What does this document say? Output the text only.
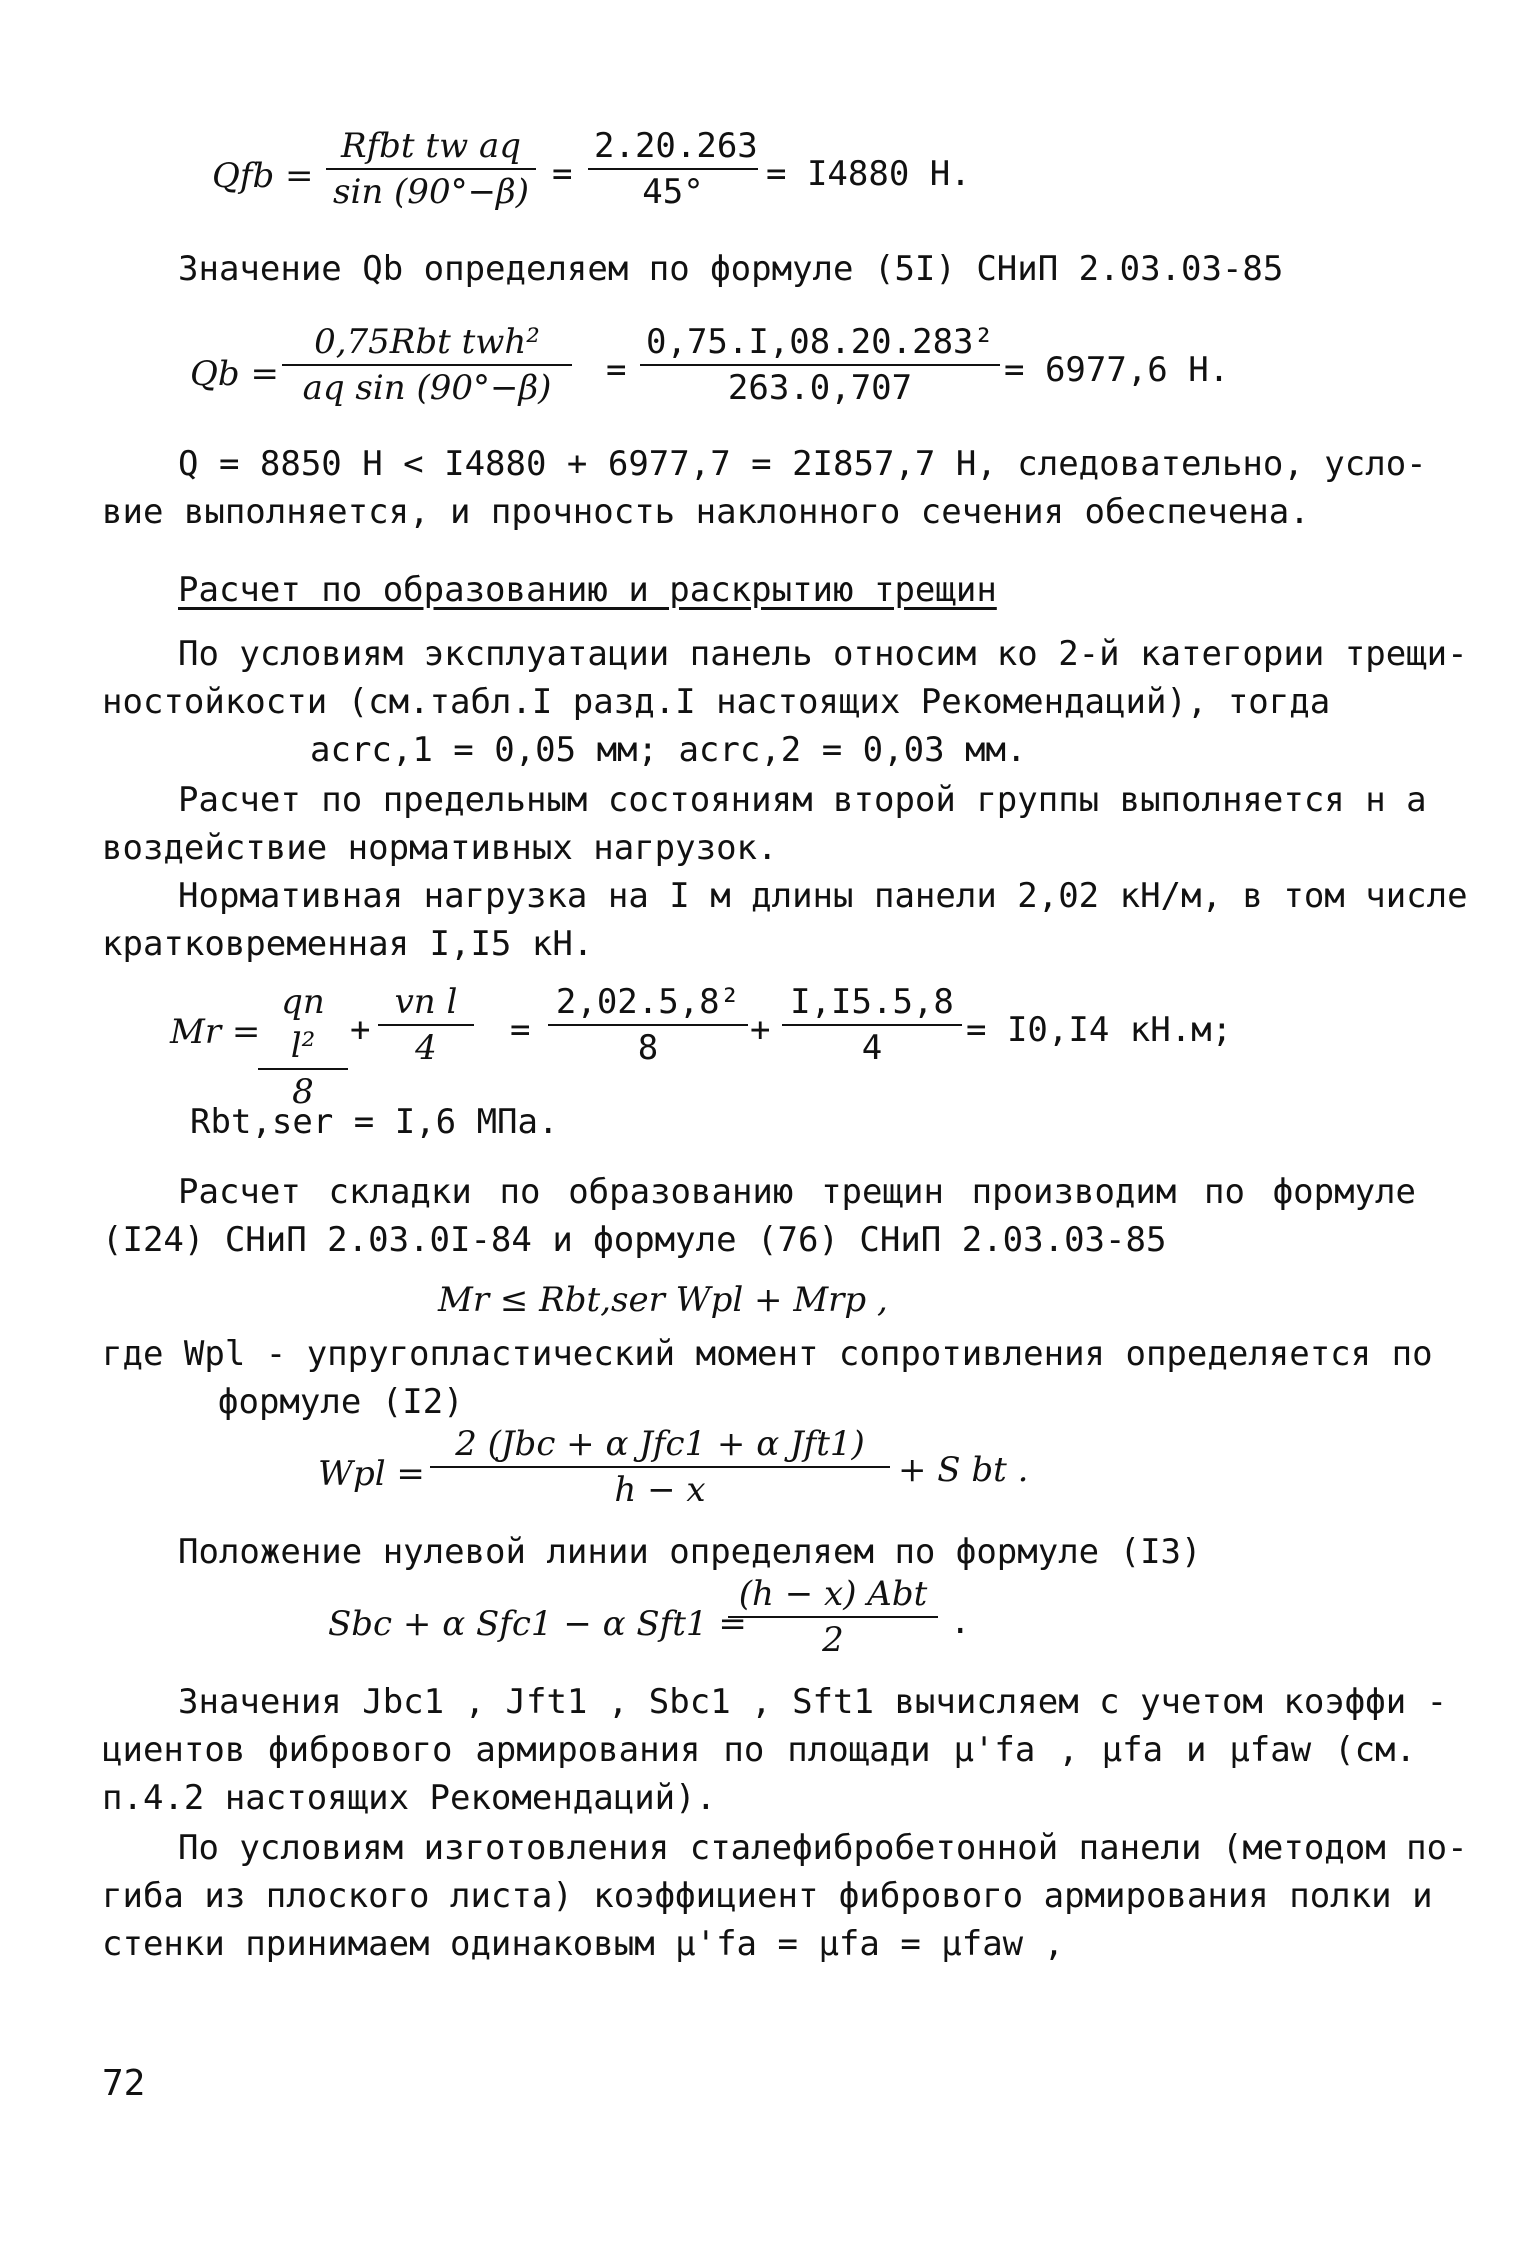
Qfb =
Rfbt tw aq
$\sin (90^\circ-\beta) = \frac{2.20.263}{45^\circ} = I4880$ Н.
Значение Qb определяем по формуле (5I) СНиП 2.03.03-85
Qb =
0,75Rbt twh²
aq sin (90°−β)	= $\frac{\text{0,75.I,08.20.283²}}{263.0,707} = 6977,6$ Н.
Q = 8850 Н < I4880 + 6977,7 = 2I857,7 Н, следовательно, усло-
вие выполняется, и прочность наклонного сечения обеспечена.
Расчет по образованию и раскрытию трещин
По условиям эксплуатации панель относим ко 2-й категории трещи-
ностойкости (см.табл.I разд.I настоящих Рекомендаций), тогда
acrc,1 = 0,05 мм; acrc,2 = 0,03 мм.
Расчет по предельным состояниям второй группы выполняется н а
воздействие нормативных нагрузок.
Нормативная нагрузка на I м длины панели 2,02 кН/м, в том числе
кратковременная I,I5 кН.
Mr =
$\frac{\text{qn l²}}{8} + \frac{\text{vn l}}{4} = \frac{\text{2,02.5,8²}}{8} + \frac{I,I5.5,8}{4} = I0,I4$ кН.м;
Rbt,ser = I,6 МПа.
Расчет складки по образованию трещин производим по формуле
(I24) СНиП 2.03.0I-84 и формуле (76) СНиП 2.03.03-85
Mr ≤ Rbt,ser Wpl + Mrp ,
где Wpl - упругопластический момент сопротивления определяется по
формуле (I2)
Wpl =
2 (Jbc + α Jfc1 + α Jft1)
h − x	+ S bt .
Положение нулевой линии определяем по формуле (I3)
Sbc + α Sfc1 − α Sft1 =
(h − x) Abt
2	.
Значения Jbc1 , Jft1 , Sbc1 , Sft1 вычисляем с учетом коэффи -
циентов фибрового армирования по площади μ'fa , μfa и μfaw (см.
п.4.2 настоящих Рекомендаций).
По условиям изготовления сталефибробетонной панели (методом по-
гиба из плоского листа) коэффициент фибрового армирования полки и
стенки принимаем одинаковым μ'fa = μfa = μfaw ,
72
